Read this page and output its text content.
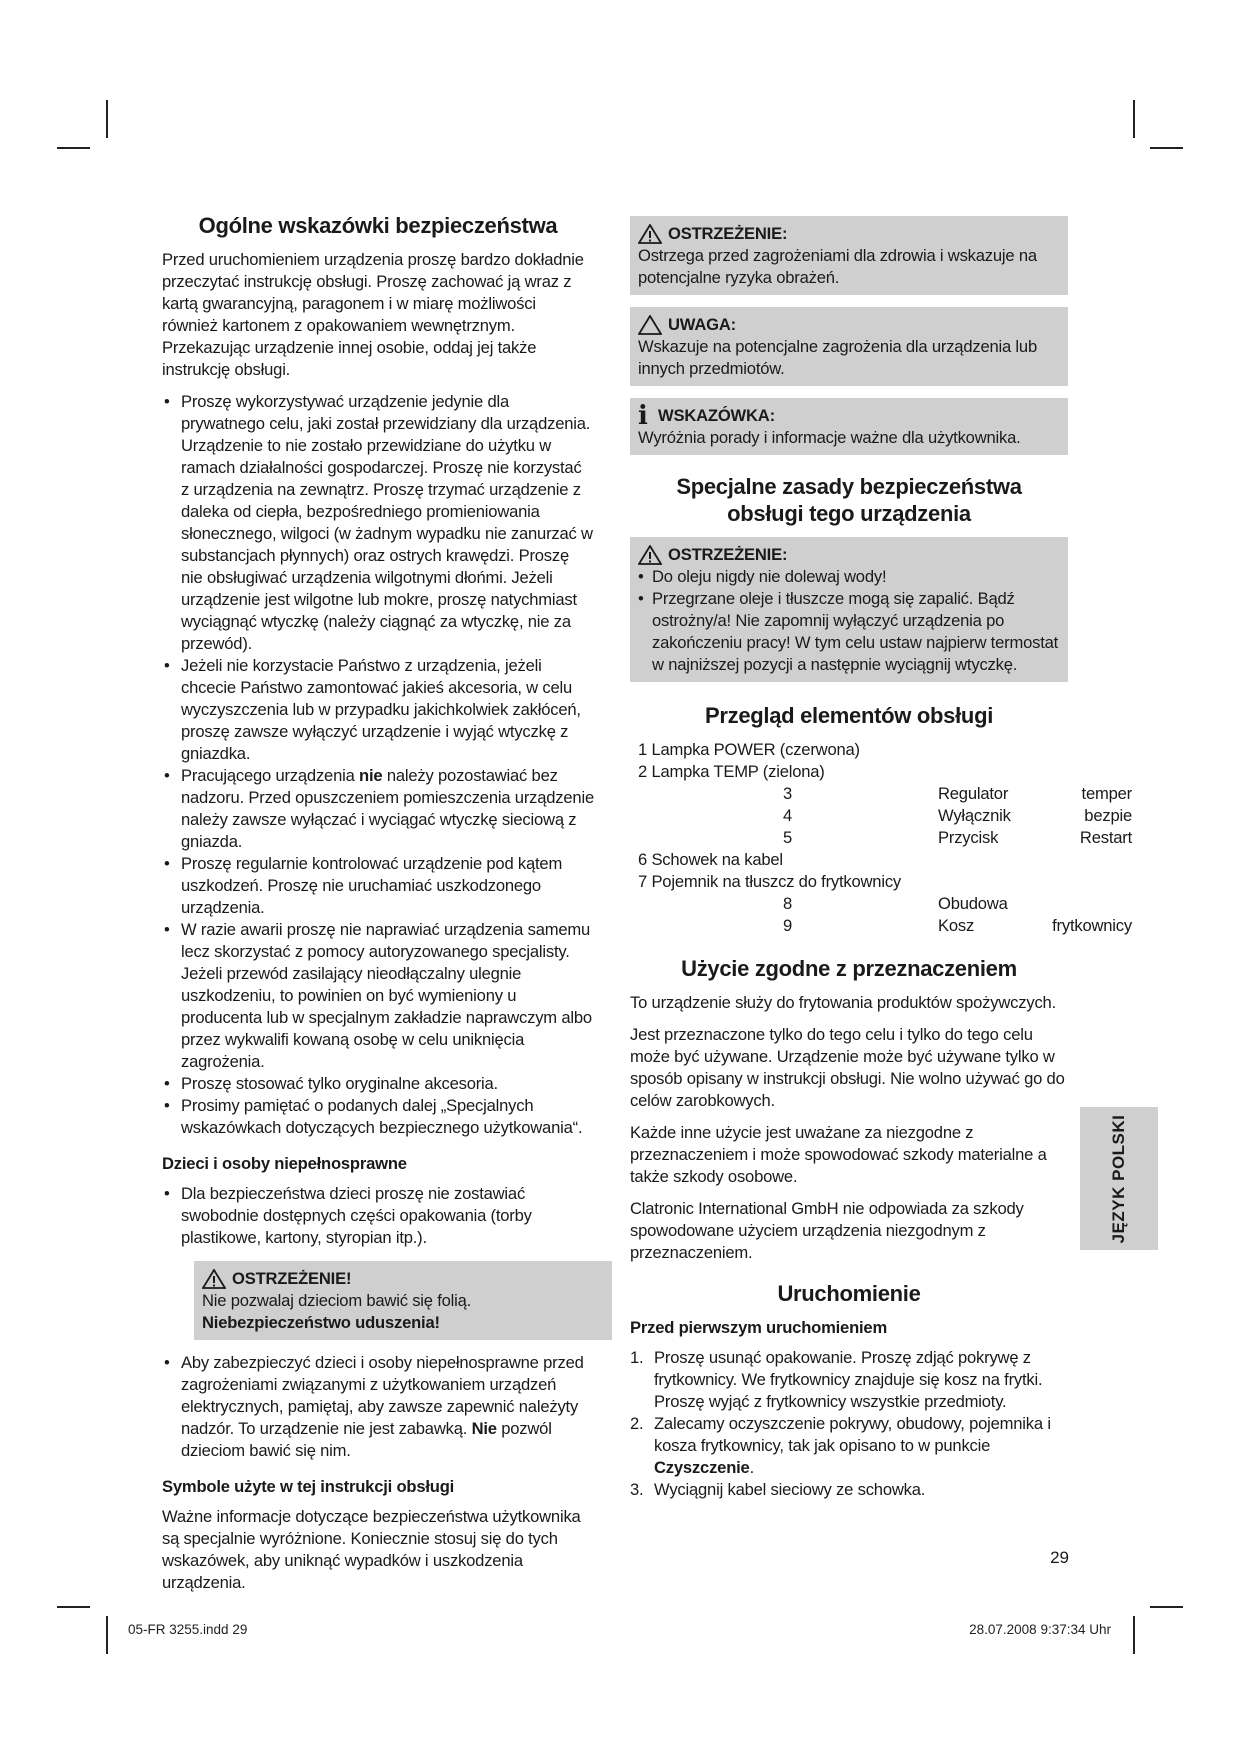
Ogólne wskazówki bezpieczeństwa

Przed uruchomieniem urządzenia proszę bardzo dokładnie przeczytać instrukcję obsługi. Proszę zachować ją wraz z kartą gwarancyjną, paragonem i w miarę możliwości również kartonem z opakowaniem wewnętrznym. Przekazując urządzenie innej osobie, oddaj jej także instrukcję obsługi.

• Proszę wykorzystywać urządzenie jedynie dla prywatnego celu, jaki został przewidziany dla urządzenia. Urządzenie to nie zostało przewidziane do użytku w ramach działalności gospodarczej. Proszę nie korzystać z urządzenia na zewnątrz. Proszę trzymać urządzenie z daleka od ciepła, bezpośredniego promieniowania słonecznego, wilgoci (w żadnym wypadku nie zanurzać w substancjach płynnych) oraz ostrych krawędzi. Proszę nie obsługiwać urządzenia wilgotnymi dłońmi. Jeżeli urządzenie jest wilgotne lub mokre, proszę natychmiast wyciągnąć wtyczkę (należy ciągnąć za wtyczkę, nie za przewód).
• Jeżeli nie korzystacie Państwo z urządzenia, jeżeli chcecie Państwo zamontować jakieś akcesoria, w celu wyczyszczenia lub w przypadku jakichkolwiek zakłóceń, proszę zawsze wyłączyć urządzenie i wyjąć wtyczkę z gniazdka.
• Pracującego urządzenia nie należy pozostawiać bez nadzoru. Przed opuszczeniem pomieszczenia urządzenie należy zawsze wyłączać i wyciągać wtyczkę sieciową z gniazda.
• Proszę regularnie kontrolować urządzenie pod kątem uszkodzeń. Proszę nie uruchamiać uszkodzonego urządzenia.
• W razie awarii proszę nie naprawiać urządzenia samemu lecz skorzystać z pomocy autoryzowanego specjalisty. Jeżeli przewód zasilający nieodłączalny ulegnie uszkodzeniu, to powinien on być wymieniony u producenta lub w specjalnym zakładzie naprawczym albo przez wykwalifi kowaną osobę w celu uniknięcia zagrożenia.
• Proszę stosować tylko oryginalne akcesoria.
• Prosimy pamiętać o podanych dalej „Specjalnych wskazówkach dotyczących bezpiecznego użytkowania“.
Dzieci i osoby niepełnosprawne
• Dla bezpieczeństwa dzieci proszę nie zostawiać swobodnie dostępnych części opakowania (torby plastikowe, kartony, styropian itp.).
OSTRZEŻENIE!
Nie pozwalaj dzieciom bawić się folią.
Niebezpieczeństwo uduszenia!
• Aby zabezpieczyć dzieci i osoby niepełnosprawne przed zagrożeniami związanymi z użytkowaniem urządzeń elektrycznych, pamiętaj, aby zawsze zapewnić należyty nadzór. To urządzenie nie jest zabawką. Nie pozwól dzieciom bawić się nim.
Symbole użyte w tej instrukcji obsługi

Ważne informacje dotyczące bezpieczeństwa użytkownika są specjalnie wyróżnione. Koniecznie stosuj się do tych wskazówek, aby uniknąć wypadków i uszkodzenia urządzenia.

OSTRZEŻENIE:
Ostrzega przed zagrożeniami dla zdrowia i wskazuje na potencjalne ryzyka obrażeń.
UWAGA:
Wskazuje na potencjalne zagrożenia dla urządzenia lub innych przedmiotów.
i WSKAZÓWKA:
Wyróżnia porady i informacje ważne dla użytkownika.
Specjalne zasady bezpieczeństwa
obsługi tego urządzenia
OSTRZEŻENIE:
• Do oleju nigdy nie dolewaj wody!
• Przegrzane oleje i tłuszcze mogą się zapalić. Bądź ostrożny/a! Nie zapomnij wyłączyć urządzenia po zakończeniu pracy! W tym celu ustaw najpierw termostat w najniższej pozycji a następnie wyciągnij wtyczkę.
Przegląd elementów obsługi
1 Lampka POWER (czerwona)
2 Lampka TEMP (zielona)
3	Regulator	temper
4	Wyłącznik	bezpie
5	Przycisk	Restart
6 Schowek na kabel
7 Pojemnik na tłuszcz do frytkownicy
8	Obudowa
9	Kosz	frytkownicy
Użycie zgodne z przeznaczeniem

To urządzenie służy do frytowania produktów spożywczych.

Jest przeznaczone tylko do tego celu i tylko do tego celu może być używane. Urządzenie może być używane tylko w sposób opisany w instrukcji obsługi. Nie wolno używać go do celów zarobkowych.

Każde inne użycie jest uważane za niezgodne z przeznaczeniem i może spowodować szkody materialne a także szkody osobowe.

Clatronic International GmbH nie odpowiada za szkody spowodowane użyciem urządzenia niezgodnym z przeznaczeniem.

Uruchomienie
Przed pierwszym uruchomieniem
1. Proszę usunąć opakowanie. Proszę zdjąć pokrywę z frytkownicy. We frytkownicy znajduje się kosz na frytki. Proszę wyjąć z frytkownicy wszystkie przedmioty.
2. Zalecamy oczyszczenie pokrywy, obudowy, pojemnika i kosza frytkownicy, tak jak opisano to w punkcie Czyszczenie.
3. Wyciągnij kabel sieciowy ze schowka.
JĘZYK POLSKI
29
05-FR 3255.indd 29	28.07.2008 9:37:34 Uhr
